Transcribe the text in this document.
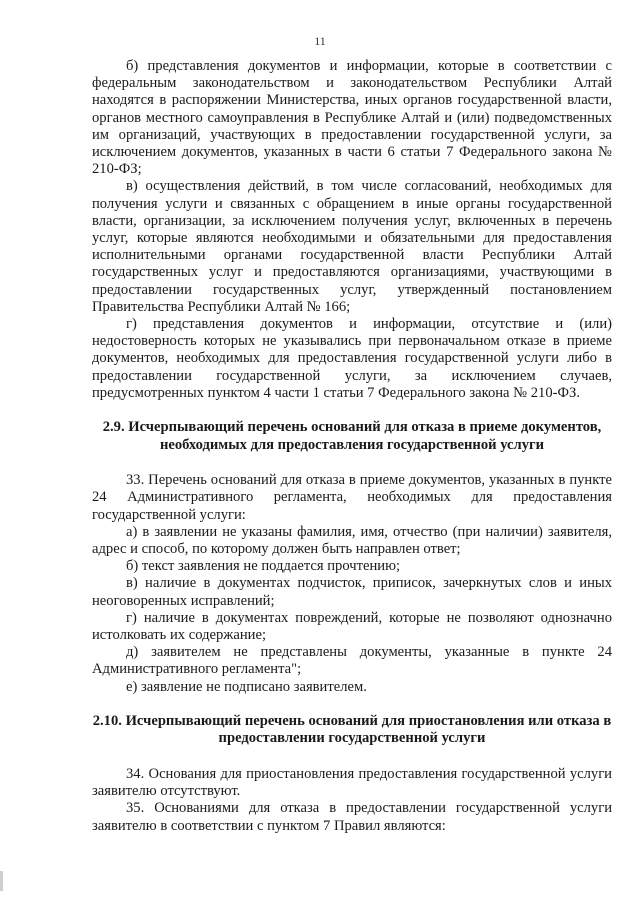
11

б) представления документов и информации, которые в соответствии с федеральным законодательством и законодательством Республики Алтай находятся в распоряжении Министерства, иных органов государственной власти, органов местного самоуправления в Республике Алтай и (или) подведомственных им организаций, участвующих в предоставлении государственной услуги, за исключением документов, указанных в части 6 статьи 7 Федерального закона № 210-ФЗ;

в) осуществления действий, в том числе согласований, необходимых для получения услуги и связанных с обращением в иные органы государственной власти, организации, за исключением получения услуг, включенных в перечень услуг, которые являются необходимыми и обязательными для предоставления исполнительными органами государственной власти Республики Алтай государственных услуг и предоставляются организациями, участвующими в предоставлении государственных услуг, утвержденный постановлением Правительства Республики Алтай № 166;

г) представления документов и информации, отсутствие и (или) недостоверность которых не указывались при первоначальном отказе в приеме документов, необходимых для предоставления государственной услуги либо в предоставлении государственной услуги, за исключением случаев, предусмотренных пунктом 4 части 1 статьи 7 Федерального закона № 210-ФЗ.

2.9. Исчерпывающий перечень оснований для отказа в приеме документов, необходимых для предоставления государственной услуги

33. Перечень оснований для отказа в приеме документов, указанных в пункте 24 Административного регламента, необходимых для предоставления государственной услуги:

а) в заявлении не указаны фамилия, имя, отчество (при наличии) заявителя, адрес и способ, по которому должен быть направлен ответ;

б) текст заявления не поддается прочтению;

в) наличие в документах подчисток, приписок, зачеркнутых слов и иных неоговоренных исправлений;

г) наличие в документах повреждений, которые не позволяют однозначно истолковать их содержание;

д) заявителем не представлены документы, указанные в пункте 24 Административного регламента";

е) заявление не подписано заявителем.

2.10. Исчерпывающий перечень оснований для приостановления или отказа в предоставлении государственной услуги

34. Основания для приостановления предоставления государственной услуги заявителю отсутствуют.

35. Основаниями для отказа в предоставлении государственной услуги заявителю в соответствии с пунктом 7 Правил являются:
